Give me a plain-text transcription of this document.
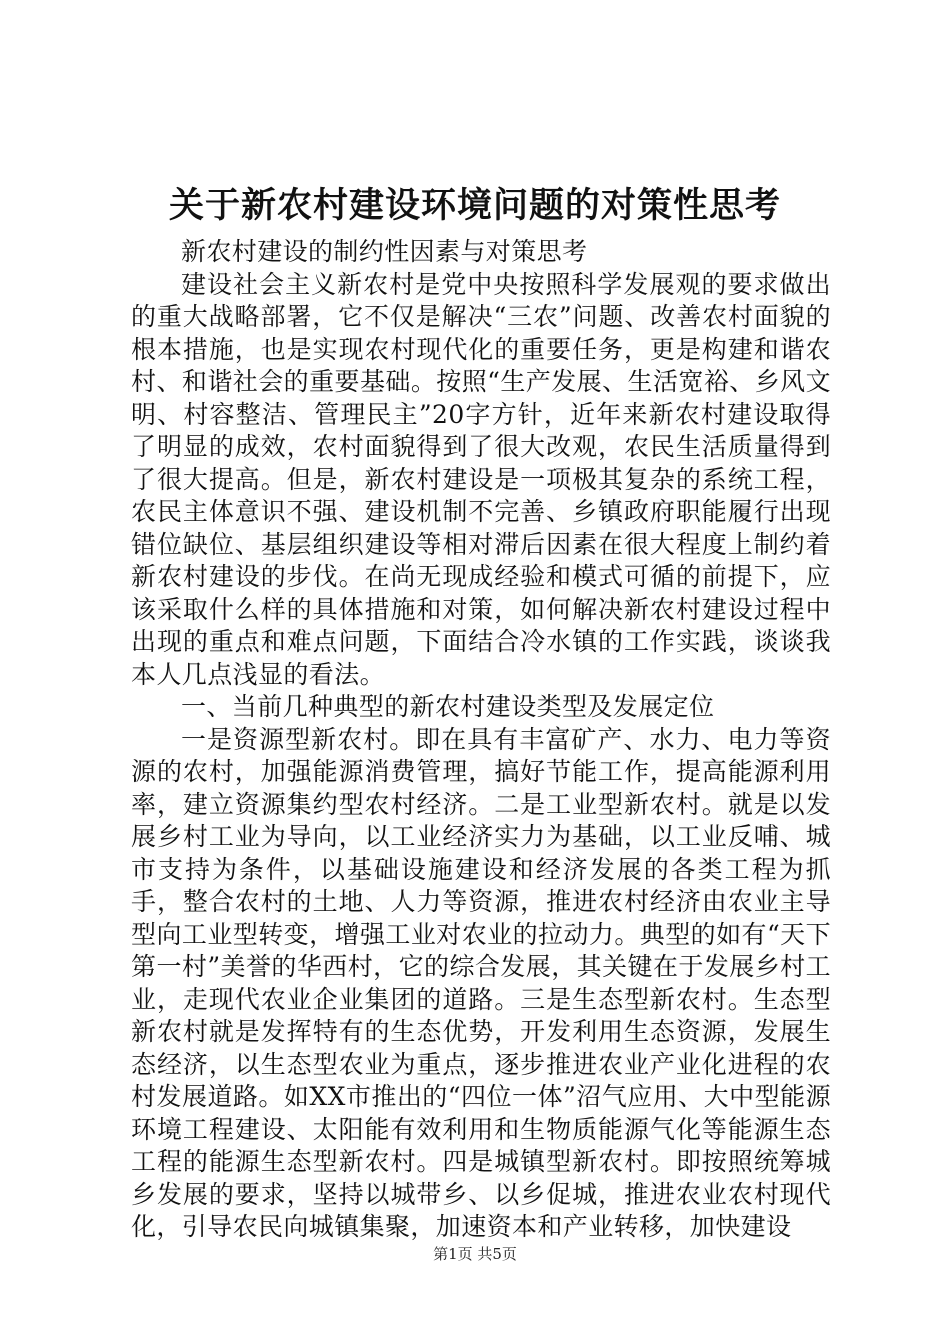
关于新农村建设环境问题的对策性思考

新农村建设的制约性因素与对策思考

建设社会主义新农村是党中央按照科学发展观的要求做出的重大战略部署，它不仅是解决“三农”问题、改善农村面貌的根本措施，也是实现农村现代化的重要任务，更是构建和谐农村、和谐社会的重要基础。按照“生产发展、生活宽裕、乡风文明、村容整洁、管理民主”20字方针，近年来新农村建设取得了明显的成效，农村面貌得到了很大改观，农民生活质量得到了很大提高。但是，新农村建设是一项极其复杂的系统工程，农民主体意识不强、建设机制不完善、乡镇政府职能履行出现错位缺位、基层组织建设等相对滞后因素在很大程度上制约着新农村建设的步伐。在尚无现成经验和模式可循的前提下，应该采取什么样的具体措施和对策，如何解决新农村建设过程中出现的重点和难点问题，下面结合冷水镇的工作实践，谈谈我本人几点浅显的看法。

一、当前几种典型的新农村建设类型及发展定位

一是资源型新农村。即在具有丰富矿产、水力、电力等资源的农村，加强能源消费管理，搞好节能工作，提高能源利用率，建立资源集约型农村经济。二是工业型新农村。就是以发展乡村工业为导向，以工业经济实力为基础，以工业反哺、城市支持为条件，以基础设施建设和经济发展的各类工程为抓手，整合农村的土地、人力等资源，推进农村经济由农业主导型向工业型转变，增强工业对农业的拉动力。典型的如有“天下第一村”美誉的华西村，它的综合发展，其关键在于发展乡村工业，走现代农业企业集团的道路。三是生态型新农村。生态型新农村就是发挥特有的生态优势，开发利用生态资源，发展生态经济，以生态型农业为重点，逐步推进农业产业化进程的农村发展道路。如XX市推出的“四位一体”沼气应用、大中型能源环境工程建设、太阳能有效利用和生物质能源气化等能源生态工程的能源生态型新农村。四是城镇型新农村。即按照统筹城乡发展的要求，坚持以城带乡、以乡促城，推进农业农村现代化，引导农民向城镇集聚，加速资本和产业转移，加快建设

第1页 共5页
